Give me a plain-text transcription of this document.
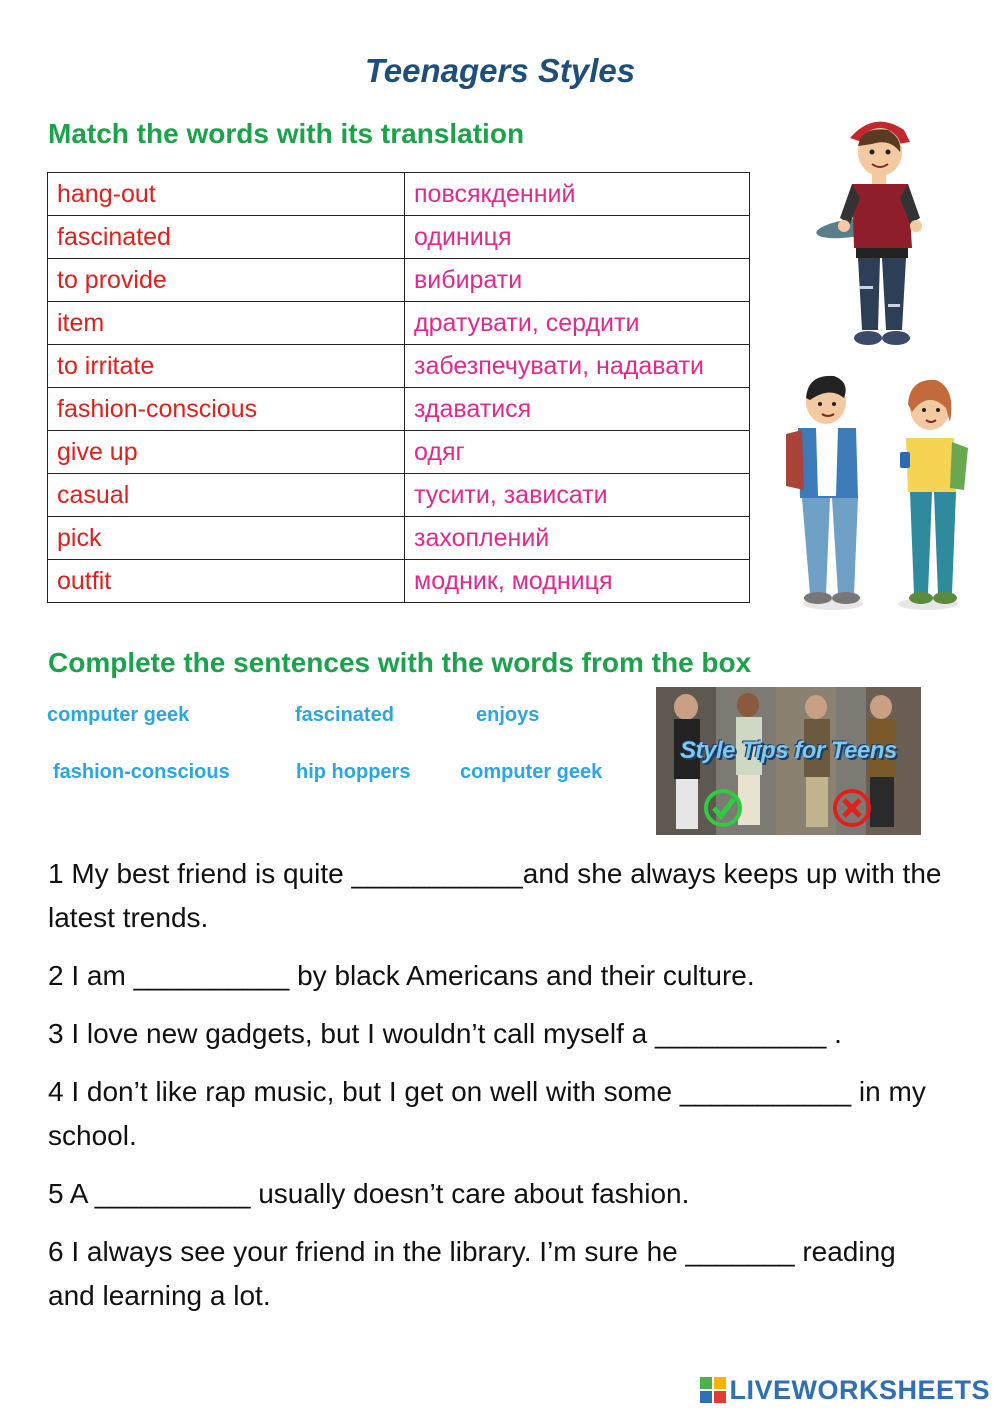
Teenagers Styles
Match the words with its translation
hang-out	повсякденний
fascinated	одиниця
to provide	вибирати
item	дратувати, сердити
to irritate	забезпечувати, надавати
fashion-conscious	здаватися
give up	одяг
casual	тусити, зависати
pick	захоплений
outfit	модник, модниця
Complete the sentences with the words from the box
computer geek	fascinated	enjoys
fashion-conscious	hip hoppers computer geek
Style Tips for Teens

1 My best friend is quite ___________and she always keeps up with the latest trends.

2 I am __________ by black Americans and their culture.

3 I love new gadgets, but I wouldn’t call myself a ___________ .

4 I don’t like rap music, but I get on well with some ___________ in my school.

5 A __________ usually doesn’t care about fashion.

6 I always see your friend in the library. I’m sure he _______ reading and learning a lot.

LIVEWORKSHEETS
